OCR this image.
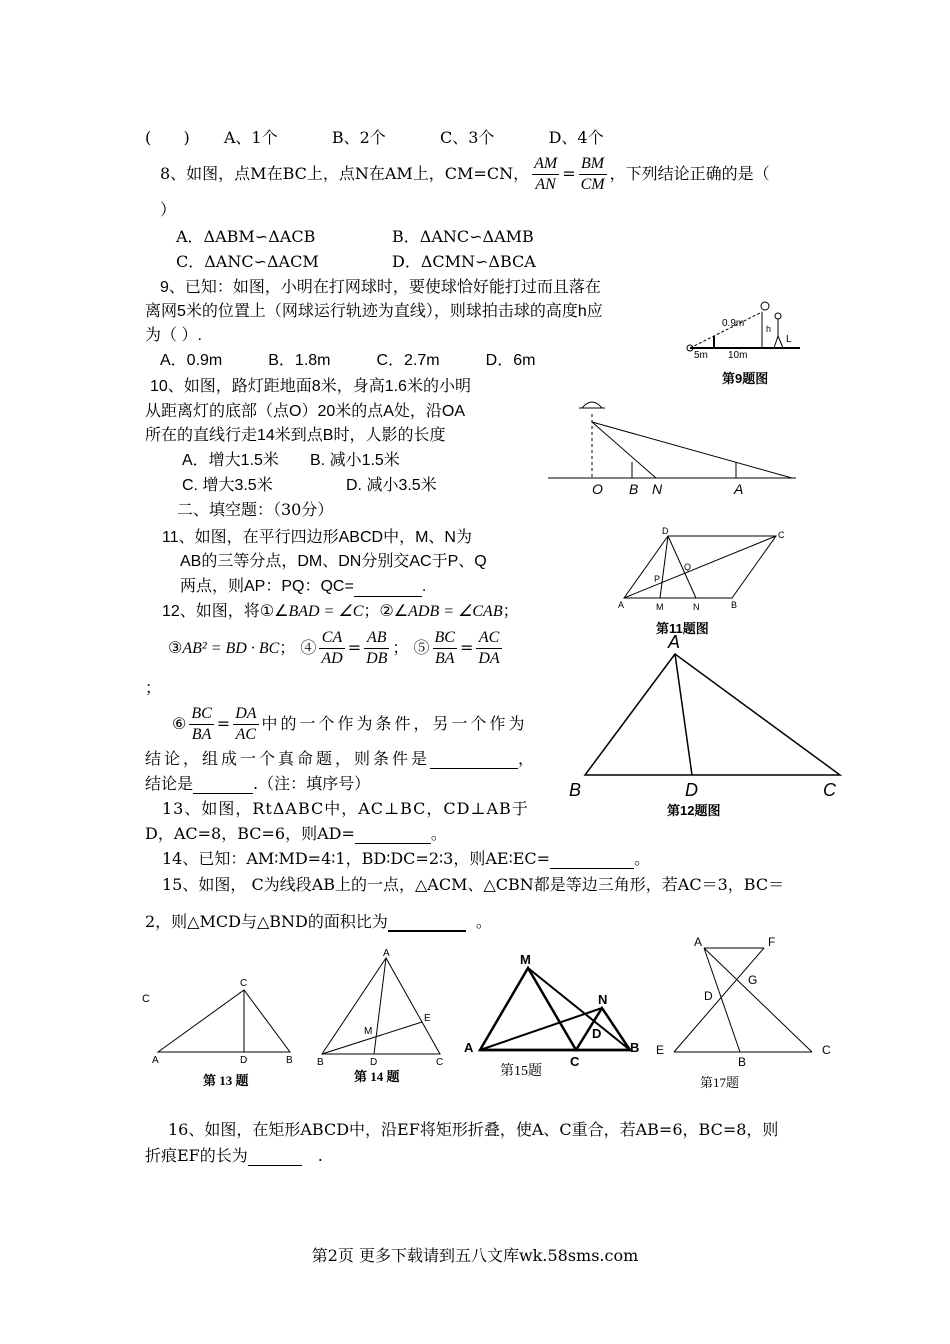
( ) A、1个	B、2个	C、3个	D、4个
8、如图，点M在BC上，点N在AM上，CM=CN， $\frac{AM}{AN} = \frac{BM}{CM}$ ，下列结论正确的是（
）
A．ΔABM∽ΔACB	B．ΔANC∽ΔAMB
C．ΔANC∽ΔACM	D．ΔCMN∽ΔBCA
9、已知：如图，小明在打网球时，要使球恰好能打过而且落在
离网5米的位置上（网球运行轨迹为直线），则球拍击球的高度h应
为（ ）.
A．0.9m	B．1.8m	C．2.7m	D．6m
0.9m
5m 10m
h
L
第9题图
10、如图，路灯距地面8米，身高1.6米的小明
从距离灯的底部（点O）20米的点A处，沿OA
所在的直线行走14米到点B时，人影的长度
A．增大1.5米 B. 减小1.5米
C. 增大3.5米	D. 减小3.5米	O B N	A
二、填空题：（30分）
11、如图，在平行四边形ABCD中，M、N为
AB的三等分点，DM、DN分别交AC于P、Q
两点，则AP：PQ：QC=	.
D	C
A	M	N	B
P
Q
第11题图
12、如图，将①∠BAD = ∠C；②∠ADB = ∠CAB；
③AB² = BD · BC； ④ $\frac{CA}{AD} = \frac{AB}{DB}$ ； ⑤ $\frac{BC}{BA} = \frac{AC}{DA}$
；
⑥ $\frac{BC}{BA} = \frac{DA}{AC}$ 中的一个作为条件，另一个作为
结论，组成一个真命题，则条件是	，
结论是	.（注：填序号）
A
B	D	C
第12题图
13、如图，RtΔABC中，AC⊥BC，CD⊥AB于
D，AC=8，BC=6，则AD=	。
14、已知：AM∶MD=4∶1，BD∶DC=2∶3，则AE∶EC=	。
15、如图， C为线段AB上的一点，△ACM、△CBN都是等边三角形，若AC＝3，BC＝
2，则△MCD与△BND的面积比为	。
C
C
A	D	B
第 13 题
A
E
M
B	D	C
第 14 题
M
N
D
A
C
B
第15题
A	F
G
D
E
B
C
第17题
16、如图，在矩形ABCD中，沿EF将矩形折叠，使A、C重合，若AB=6，BC=8，则
折痕EF的长为	.
第2页 更多下载请到五八文库wk.58sms.com
